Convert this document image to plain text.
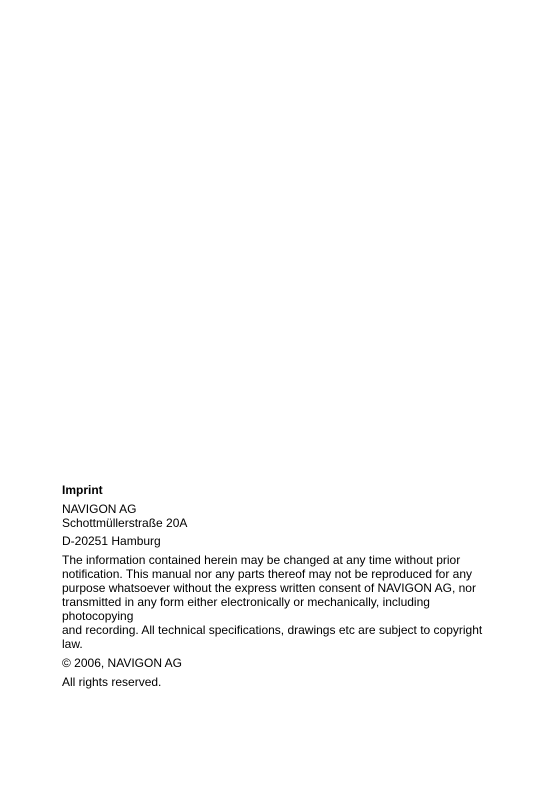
Imprint
NAVIGON AG
Schottmüllerstraße 20A
D-20251 Hamburg
The information contained herein may be changed at any time without prior
notification. This manual nor any parts thereof may not be reproduced for any
purpose whatsoever without the express written consent of NAVIGON AG, nor
transmitted in any form either electronically or mechanically, including photocopying
and recording. All technical specifications, drawings etc are subject to copyright law.
© 2006, NAVIGON AG
All rights reserved.
